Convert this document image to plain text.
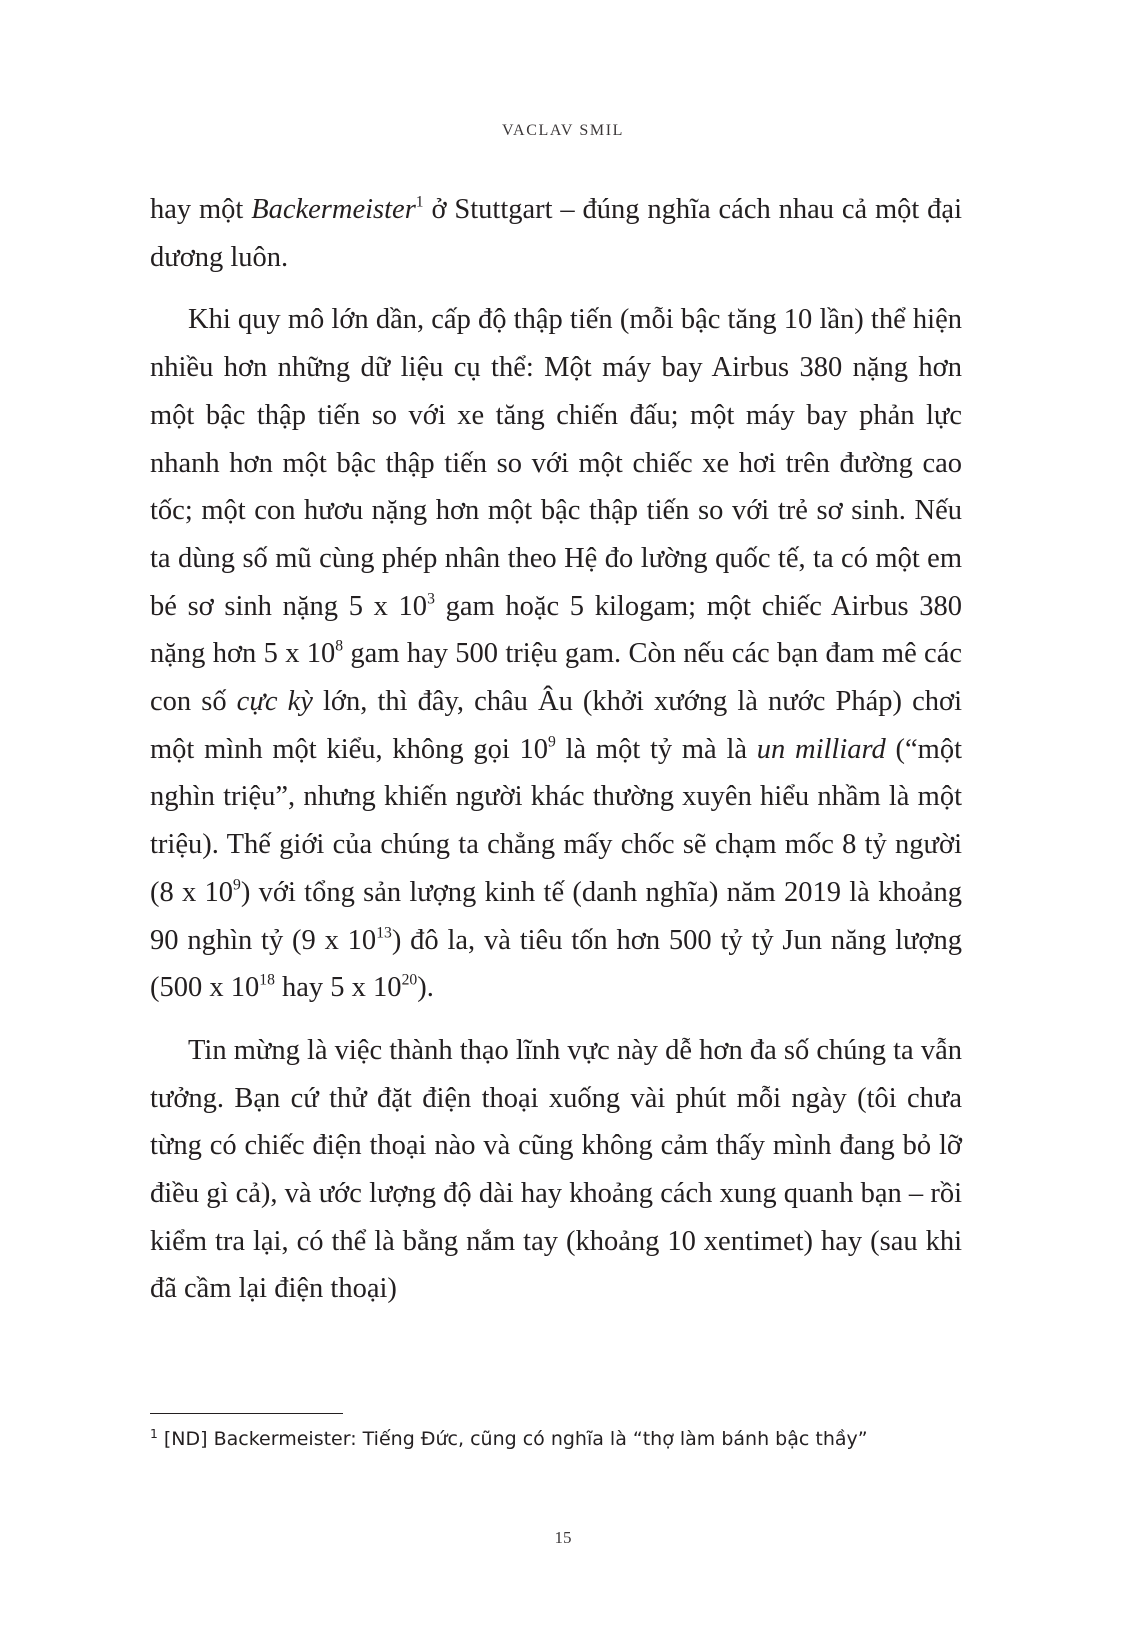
VACLAV SMIL

hay một Backermeister$^1$ ở Stuttgart – đúng nghĩa cách nhau cả một đại dương luôn.

Khi quy mô lớn dần, cấp độ thập tiến (mỗi bậc tăng 10 lần) thể hiện nhiều hơn những dữ liệu cụ thể: Một máy bay Airbus 380 nặng hơn một bậc thập tiến so với xe tăng chiến đấu; một máy bay phản lực nhanh hơn một bậc thập tiến so với một chiếc xe hơi trên đường cao tốc; một con hươu nặng hơn một bậc thập tiến so với trẻ sơ sinh. Nếu ta dùng số mũ cùng phép nhân theo Hệ đo lường quốc tế, ta có một em bé sơ sinh nặng 5 x $10^3$ gam hoặc 5 kilogam; một chiếc Airbus 380 nặng hơn 5 x $10^8$ gam hay 500 triệu gam. Còn nếu các bạn đam mê các con số cực kỳ lớn, thì đây, châu Âu (khởi xướng là nước Pháp) chơi một mình một kiểu, không gọi $10^9$ là một tỷ mà là un milliard (“một nghìn triệu”, nhưng khiến người khác thường xuyên hiểu nhầm là một triệu). Thế giới của chúng ta chẳng mấy chốc sẽ chạm mốc 8 tỷ người (8 x $10^9$) với tổng sản lượng kinh tế (danh nghĩa) năm 2019 là khoảng 90 nghìn tỷ (9 x $10^{13}$) đô la, và tiêu tốn hơn 500 tỷ tỷ Jun năng lượng (500 x $10^{18}$ hay 5 x $10^{20}$).

Tin mừng là việc thành thạo lĩnh vực này dễ hơn đa số chúng ta vẫn tưởng. Bạn cứ thử đặt điện thoại xuống vài phút mỗi ngày (tôi chưa từng có chiếc điện thoại nào và cũng không cảm thấy mình đang bỏ lỡ điều gì cả), và ước lượng độ dài hay khoảng cách xung quanh bạn – rồi kiểm tra lại, có thể là bằng nắm tay (khoảng 10 xentimet) hay (sau khi đã cầm lại điện thoại)

$^1$ [ND] Backermeister: Tiếng Đức, cũng có nghĩa là “thợ làm bánh bậc thầy”
15
